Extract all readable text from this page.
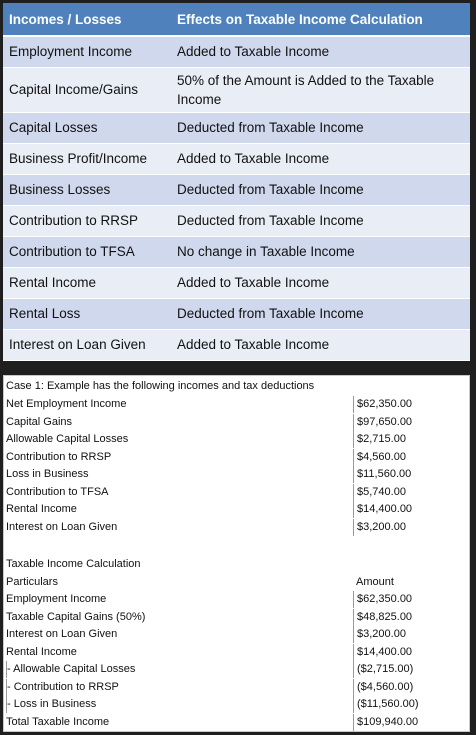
Incomes / Losses	Effects on Taxable Income Calculation
Employment Income	Added to Taxable Income
Capital Income/Gains	50% of the Amount is Added to the Taxable Income
Capital Losses	Deducted from Taxable Income
Business Profit/Income	Added to Taxable Income
Business Losses	Deducted from Taxable Income
Contribution to RRSP	Deducted from Taxable Income
Contribution to TFSA	No change in Taxable Income
Rental Income	Added to Taxable Income
Rental Loss	Deducted from Taxable Income
Interest on Loan Given	Added to Taxable Income
Case 1: Example has the following incomes and tax deductions
Net Employment Income	$62,350.00
Capital Gains	$97,650.00
Allowable Capital Losses	$2,715.00
Contribution to RRSP	$4,560.00
Loss in Business	$11,560.00
Contribution to TFSA	$5,740.00
Rental Income	$14,400.00
Interest on Loan Given	$3,200.00
Taxable Income Calculation
Particulars	Amount
Employment Income	$62,350.00
Taxable Capital Gains (50%)	$48,825.00
Interest on Loan Given	$3,200.00
Rental Income	$14,400.00
- Allowable Capital Losses	($2,715.00)
- Contribution to RRSP	($4,560.00)
- Loss in Business	($11,560.00)
Total Taxable Income	$109,940.00
